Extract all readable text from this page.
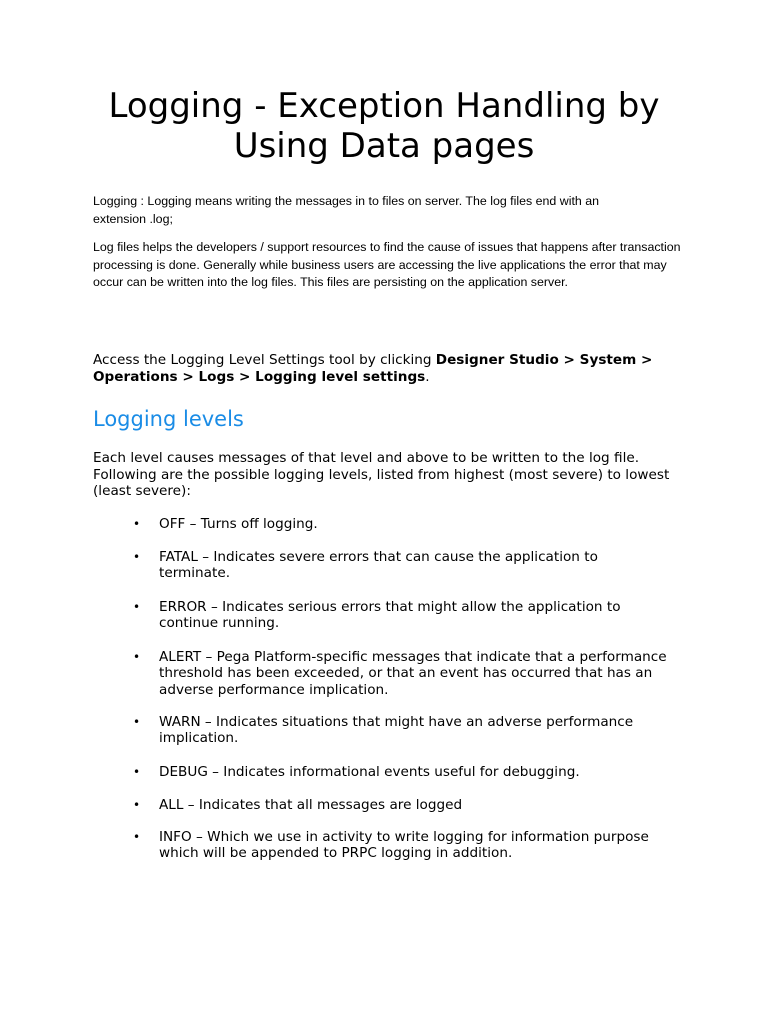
Logging - Exception Handling by Using Data pages

Logging : Logging means writing the messages in to files on server. The log files end with an extension .log;

Log files helps the developers / support resources to find the cause of issues that happens after transaction processing is done. Generally while business users are accessing the live applications the error that may occur can be written into the log files. This files are persisting on the application server.

Access the Logging Level Settings tool by clicking Designer Studio > System > Operations > Logs > Logging level settings.

Logging levels

Each level causes messages of that level and above to be written to the log file. Following are the possible logging levels, listed from highest (most severe) to lowest (least severe):

• OFF – Turns off logging.
• FATAL – Indicates severe errors that can cause the application to terminate.
• ERROR – Indicates serious errors that might allow the application to continue running.
• ALERT – Pega Platform-specific messages that indicate that a performance threshold has been exceeded, or that an event has occurred that has an adverse performance implication.
• WARN – Indicates situations that might have an adverse performance implication.
• DEBUG – Indicates informational events useful for debugging.
• ALL – Indicates that all messages are logged
• INFO – Which we use in activity to write logging for information purpose which will be appended to PRPC logging in addition.
